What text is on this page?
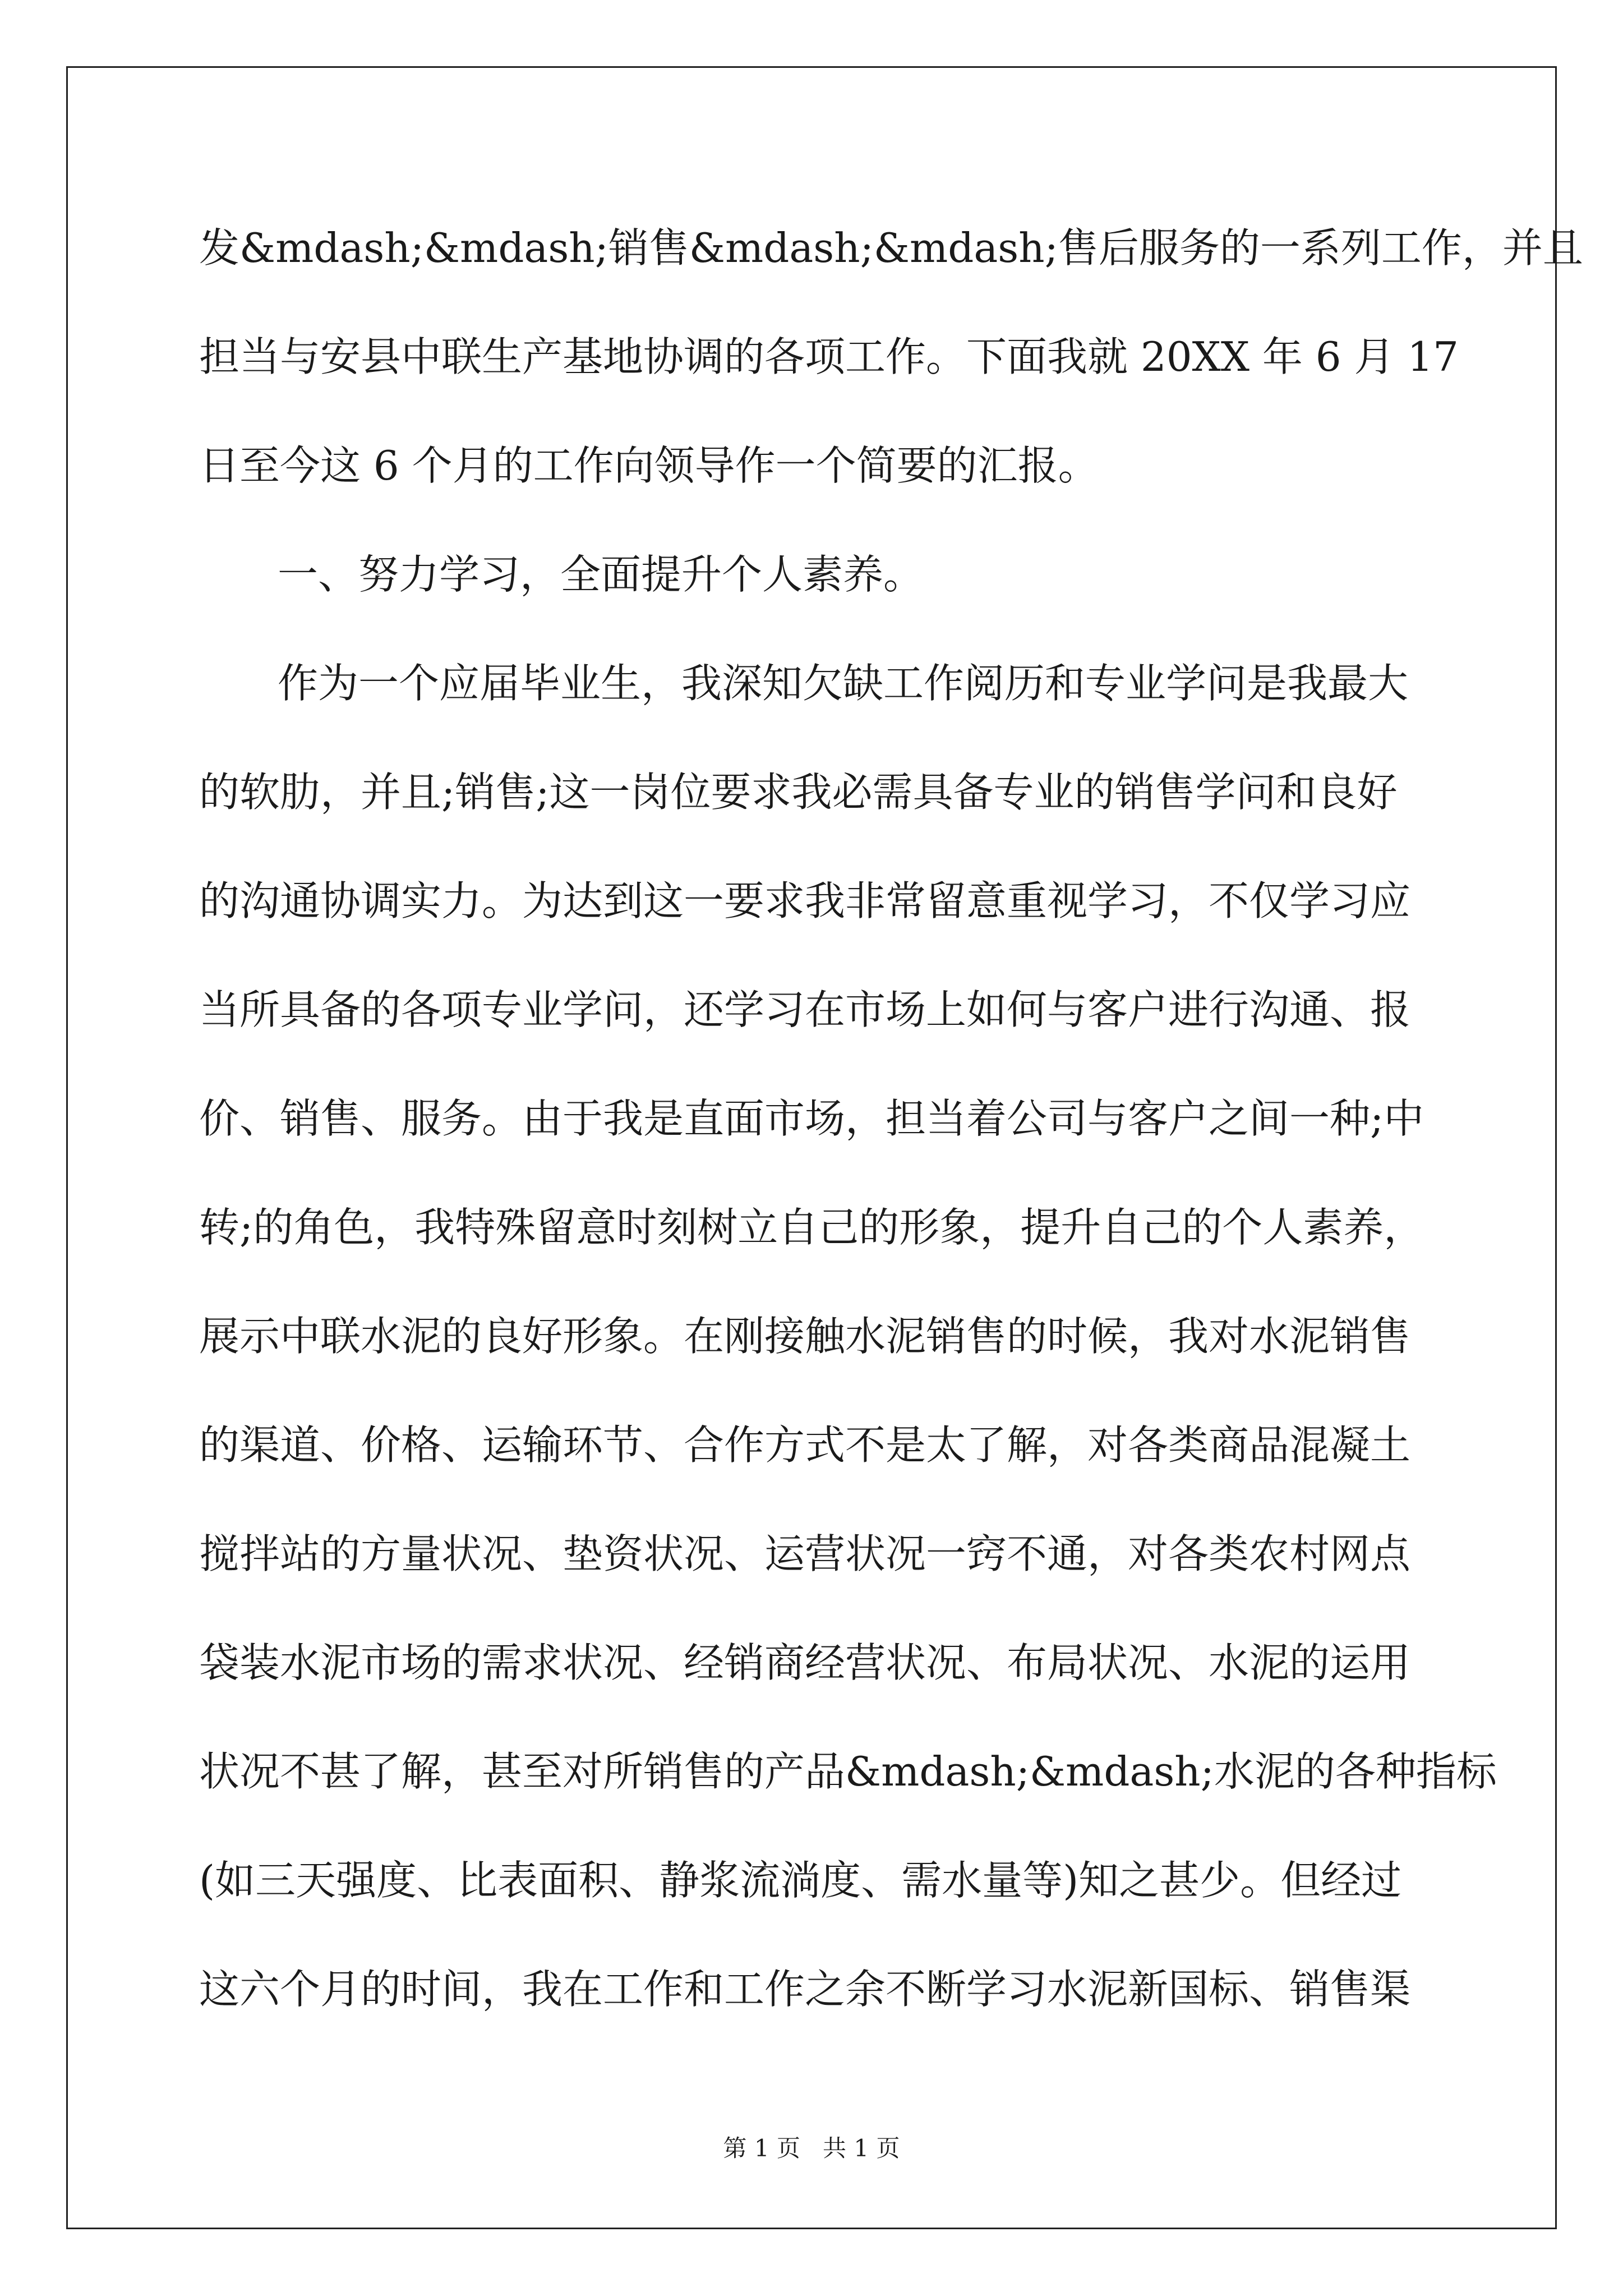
发&mdash;&mdash;销售&mdash;&mdash;售后服务的一系列工作，并且
担当与安县中联生产基地协调的各项工作。下面我就 20XX 年 6 月 17
日至今这 6 个月的工作向领导作一个简要的汇报。
一、努力学习，全面提升个人素养。
作为一个应届毕业生，我深知欠缺工作阅历和专业学问是我最大
的软肋，并且;销售;这一岗位要求我必需具备专业的销售学问和良好
的沟通协调实力。为达到这一要求我非常留意重视学习，不仅学习应
当所具备的各项专业学问，还学习在市场上如何与客户进行沟通、报
价、销售、服务。由于我是直面市场，担当着公司与客户之间一种;中
转;的角色，我特殊留意时刻树立自己的形象，提升自己的个人素养，
展示中联水泥的良好形象。在刚接触水泥销售的时候，我对水泥销售
的渠道、价格、运输环节、合作方式不是太了解，对各类商品混凝土
搅拌站的方量状况、垫资状况、运营状况一窍不通，对各类农村网点
袋装水泥市场的需求状况、经销商经营状况、布局状况、水泥的运用
状况不甚了解，甚至对所销售的产品&mdash;&mdash;水泥的各种指标
(如三天强度、比表面积、静浆流淌度、需水量等)知之甚少。但经过
这六个月的时间，我在工作和工作之余不断学习水泥新国标、销售渠
第 1 页   共 1 页
